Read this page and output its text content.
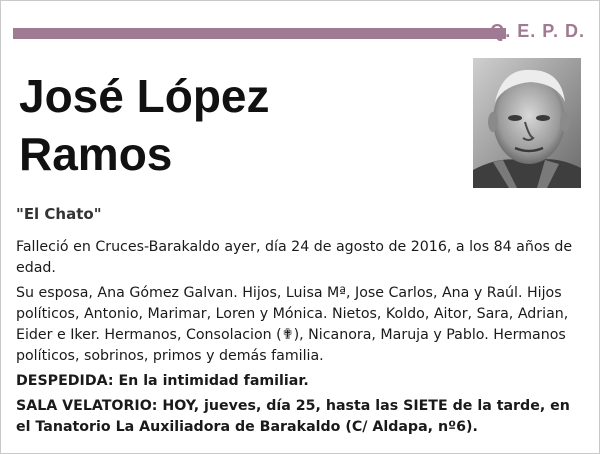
Q. E. P. D.
José López
Ramos
"El Chato"

Falleció en Cruces-Barakaldo ayer, día 24 de agosto de 2016, a los 84 años de edad.

Su esposa, Ana Gómez Galvan. Hijos, Luisa Mª, Jose Carlos, Ana y Raúl. Hijos políticos, Antonio, Marimar, Loren y Mónica. Nietos, Koldo, Aitor, Sara, Adrian, Eider e Iker. Hermanos, Consolacion (✟), Nicanora, Maruja y Pablo. Hermanos políticos, sobrinos, primos y demás familia.

DESPEDIDA: En la intimidad familiar.

SALA VELATORIO: HOY, jueves, día 25, hasta las SIETE de la tarde, en el Tanatorio La Auxiliadora de Barakaldo (C/ Aldapa, nº6).
